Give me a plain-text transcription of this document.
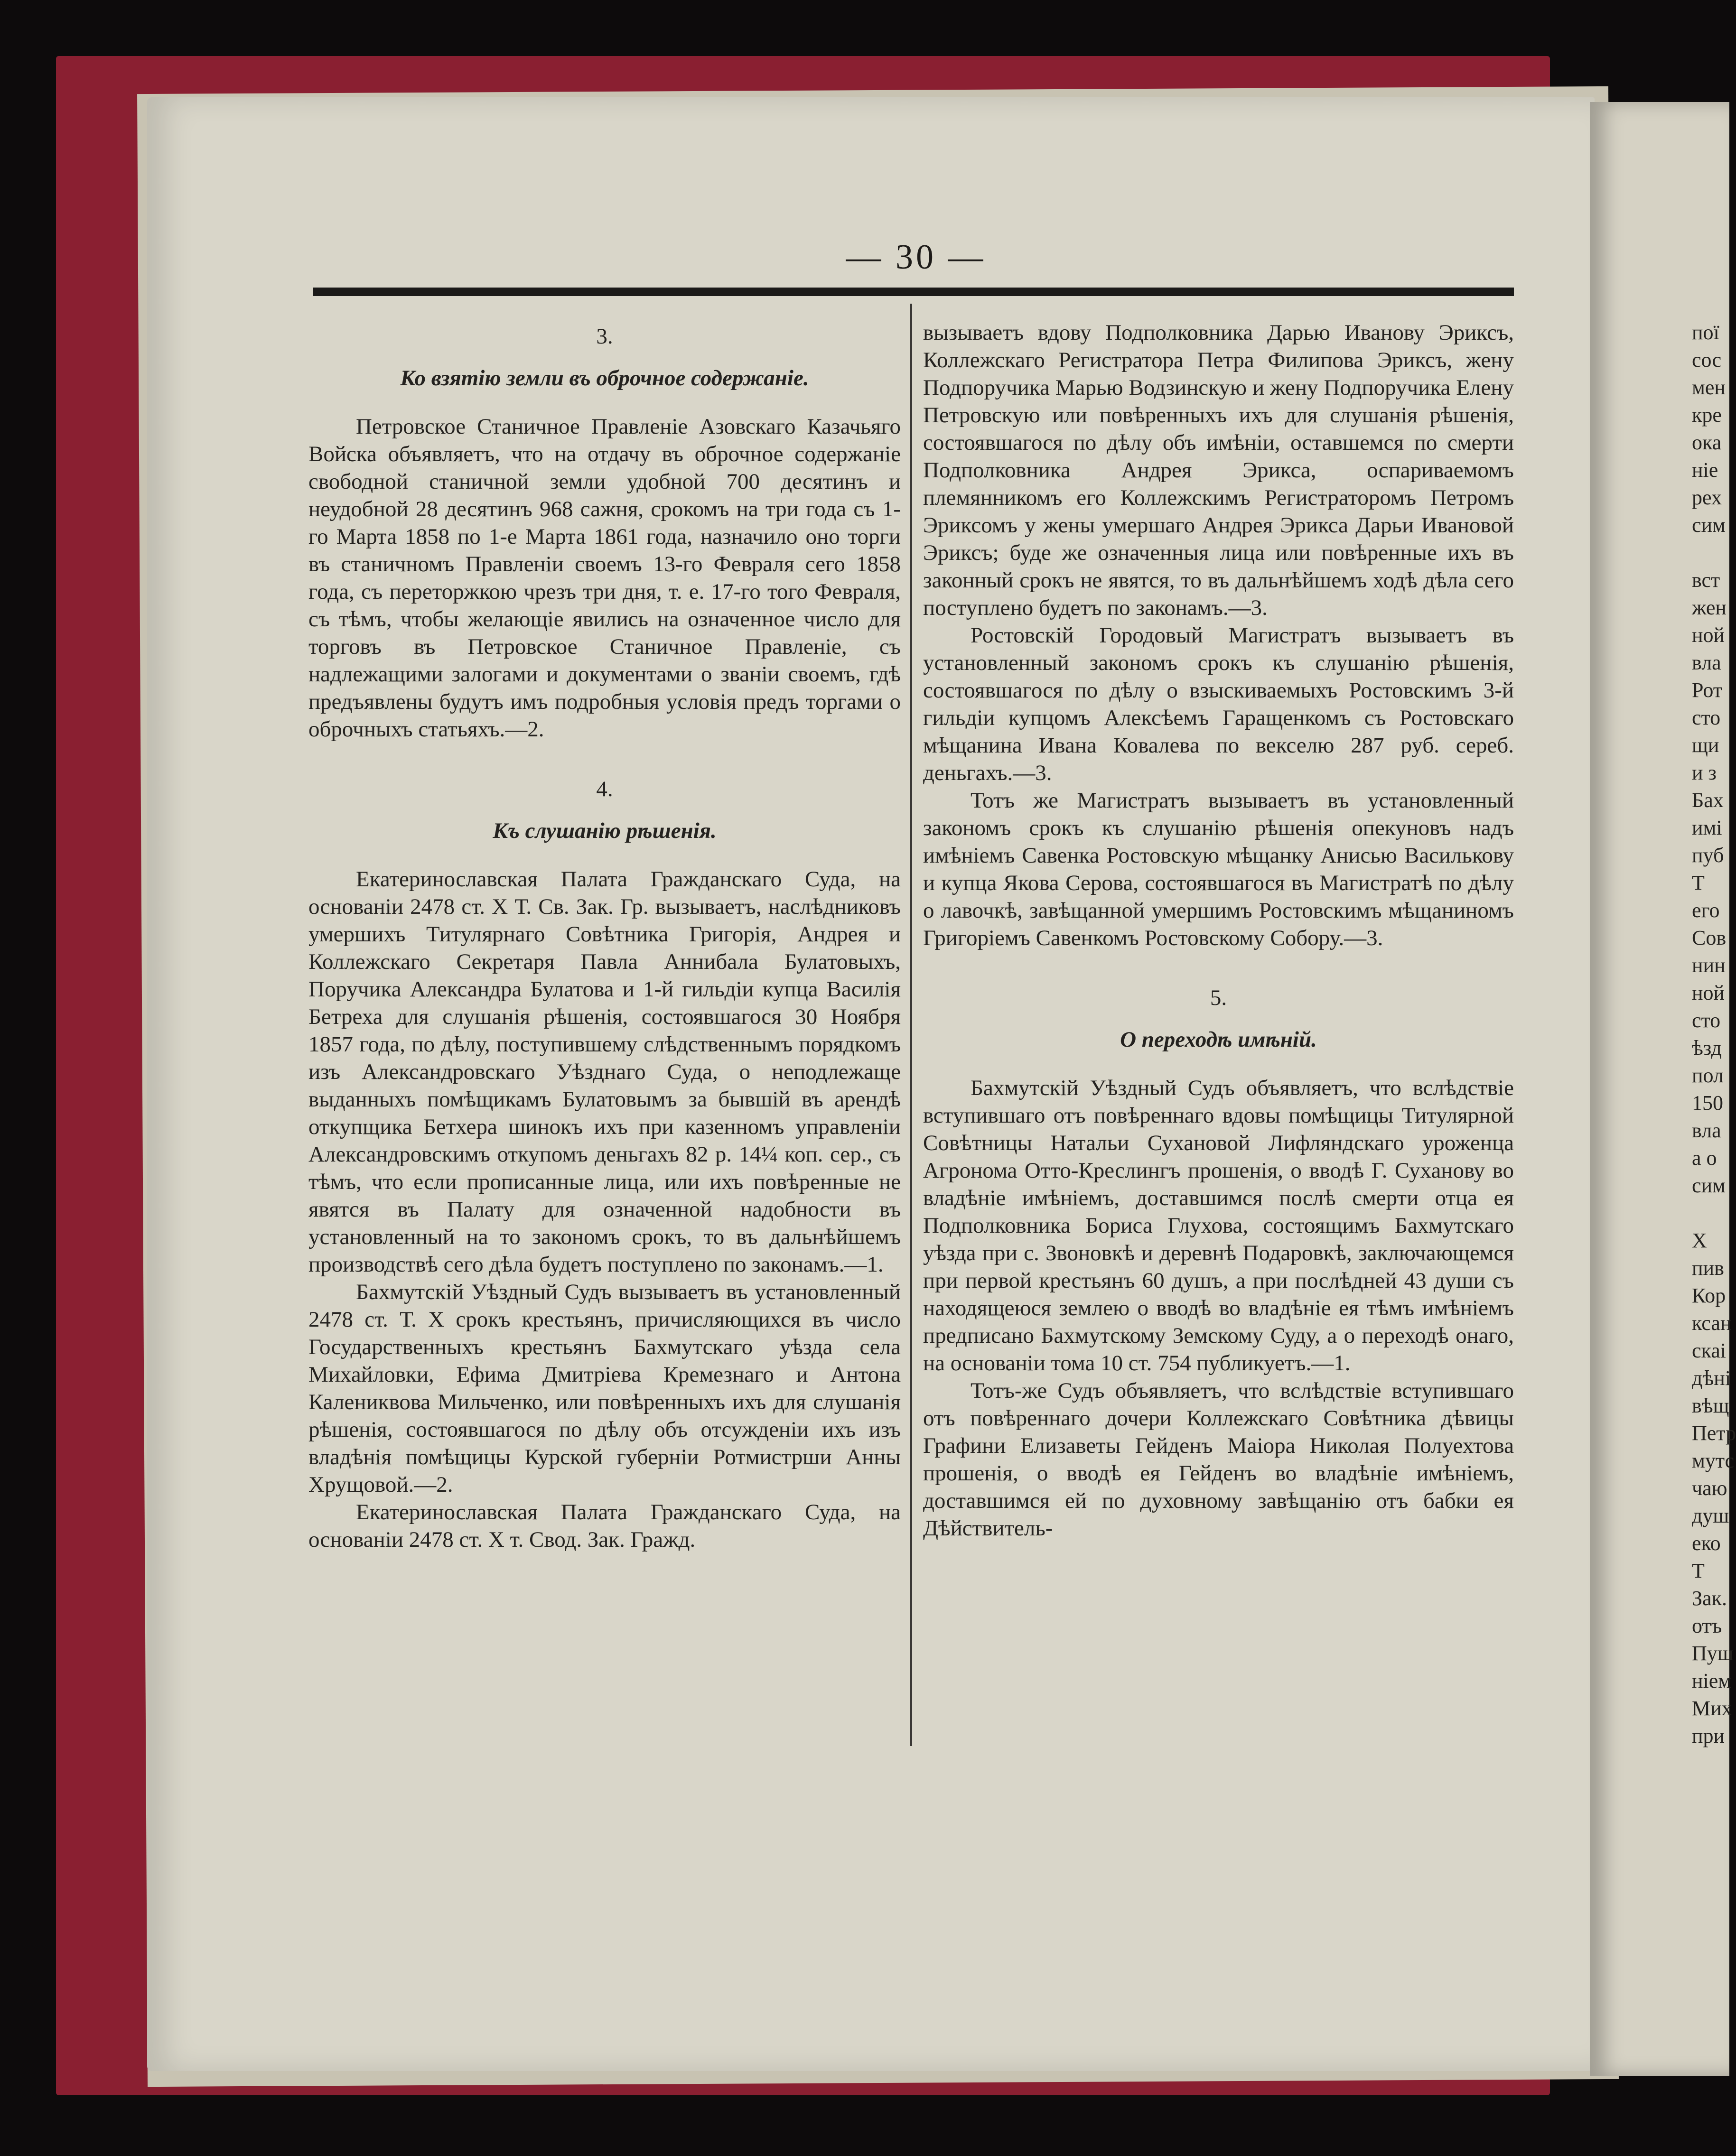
— 30 —
3.
Ко взятію земли въ оброчное содержаніе.

Петровское Станичное Правленіе Азовскаго Казачьяго Войска объявляетъ, что на отдачу въ оброчное содержаніе свободной станичной земли удобной 700 десятинъ и неудобной 28 десятинъ 968 сажня, срокомъ на три года съ 1-го Марта 1858 по 1-е Марта 1861 года, назначило оно торги въ станичномъ Правленіи своемъ 13-го Февраля сего 1858 года, съ переторжкою чрезъ три дня, т. е. 17-го того Февраля, съ тѣмъ, чтобы желающіе явились на означенное число для торговъ въ Петровское Станичное Правленіе, съ надлежащими залогами и документами о званіи своемъ, гдѣ предъявлены будутъ имъ подробныя условія предъ торгами о оброчныхъ статьяхъ.—2.

4.
Къ слушанію рѣшенія.

Екатеринославская Палата Гражданскаго Суда, на основаніи 2478 ст. X Т. Св. Зак. Гр. вызываетъ, наслѣдниковъ умершихъ Титулярнаго Совѣтника Григорія, Андрея и Коллежскаго Секретаря Павла Аннибала Булатовыхъ, Поручика Александра Булатова и 1-й гильдіи купца Василія Бетреха для слушанія рѣшенія, состоявшагося 30 Ноября 1857 года, по дѣлу, поступившему слѣдственнымъ порядкомъ изъ Александровскаго Уѣзднаго Суда, о неподлежаще выданныхъ помѣщикамъ Булатовымъ за бывшій въ арендѣ откупщика Бетхера шинокъ ихъ при казенномъ управленіи Александровскимъ откупомъ деньгахъ 82 р. 14¼ коп. сер., съ тѣмъ, что если прописанные лица, или ихъ повѣренные не явятся въ Палату для означенной надобности въ установленный на то закономъ срокъ, то въ дальнѣйшемъ производствѣ сего дѣла будетъ поступлено по законамъ.—1.

Бахмутскій Уѣздный Судъ вызываетъ въ установленный 2478 ст. Т. X срокъ крестьянъ, причисляющихся въ число Государственныхъ крестьянъ Бахмутскаго уѣзда села Михайловки, Ефима Дмитріева Кремезнаго и Антона Калениквова Мильченко, или повѣренныхъ ихъ для слушанія рѣшенія, состоявшагося по дѣлу объ отсужденіи ихъ изъ владѣнія помѣщицы Курской губерніи Ротмистрши Анны Хрущовой.—2.

Екатеринославская Палата Гражданскаго Суда, на основаніи 2478 ст. X т. Свод. Зак. Гражд.

вызываетъ вдову Подполковника Дарью Иванову Эриксъ, Коллежскаго Регистратора Петра Филипова Эриксъ, жену Подпоручика Марью Водзинскую и жену Подпоручика Елену Петровскую или повѣренныхъ ихъ для слушанія рѣшенія, состоявшагося по дѣлу объ имѣніи, оставшемся по смерти Подполковника Андрея Эрикса, оспариваемомъ племянникомъ его Коллежскимъ Регистраторомъ Петромъ Эриксомъ у жены умершаго Андрея Эрикса Дарьи Ивановой Эриксъ; буде же означенныя лица или повѣренные ихъ въ законный срокъ не явятся, то въ дальнѣйшемъ ходѣ дѣла сего поступлено будетъ по законамъ.—3.

Ростовскій Городовый Магистратъ вызываетъ въ установленный закономъ срокъ къ слушанію рѣшенія, состоявшагося по дѣлу о взыскиваемыхъ Ростовскимъ 3-й гильдіи купцомъ Алексѣемъ Гаращенкомъ съ Ростовскаго мѣщанина Ивана Ковалева по векселю 287 руб. сереб. деньгахъ.—3.

Тотъ же Магистратъ вызываетъ въ установленный закономъ срокъ къ слушанію рѣшенія опекуновъ надъ имѣніемъ Савенка Ростовскую мѣщанку Анисью Василькову и купца Якова Серова, состоявшагося въ Магистратѣ по дѣлу о лавочкѣ, завѣщанной умершимъ Ростовскимъ мѣщаниномъ Григоріемъ Савенкомъ Ростовскому Собору.—3.

5.
О переходѣ имѣній.

Бахмутскій Уѣздный Судъ объявляетъ, что вслѣдствіе вступившаго отъ повѣреннаго вдовы помѣщицы Титулярной Совѣтницы Натальи Сухановой Лифляндскаго уроженца Агронома Отто-Креслингъ прошенія, о вводѣ Г. Суханову во владѣніе имѣніемъ, доставшимся послѣ смерти отца ея Подполковника Бориса Глухова, состоящимъ Бахмутскаго уѣзда при с. Звоновкѣ и деревнѣ Подаровкѣ, заключающемся при первой крестьянъ 60 душъ, а при послѣдней 43 души съ находящеюся землею о вводѣ во владѣніе ея тѣмъ имѣніемъ предписано Бахмутскому Земскому Суду, а о переходѣ онаго, на основаніи тома 10 ст. 754 публикуетъ.—1.

Тотъ-же Судъ объявляетъ, что вслѣдствіе вступившаго отъ повѣреннаго дочери Коллежскаго Совѣтника дѣвицы Графини Елизаветы Гейденъ Маіора Николая Полуехтова прошенія, о вводѣ ея Гейденъ во владѣніе имѣніемъ, доставшимся ей по духовному завѣщанію отъ бабки ея Дѣйствитель-

пої
сос
мен
кре
ока
ніе
рех
сим

вст
жен
ной
вла
Рот
сто
щи
и з
Бах
имі
пуб
Т
его
Сов
нин
ной
сто
ѣзд
пол
150
вла
а о
сим

X
пив
Кор
ксан
скаі
дѣні
вѣщ
Петр
мутс
чаю
душ
еко
Т
Зак.
отъ
Пуш
ніем
Мих
при
